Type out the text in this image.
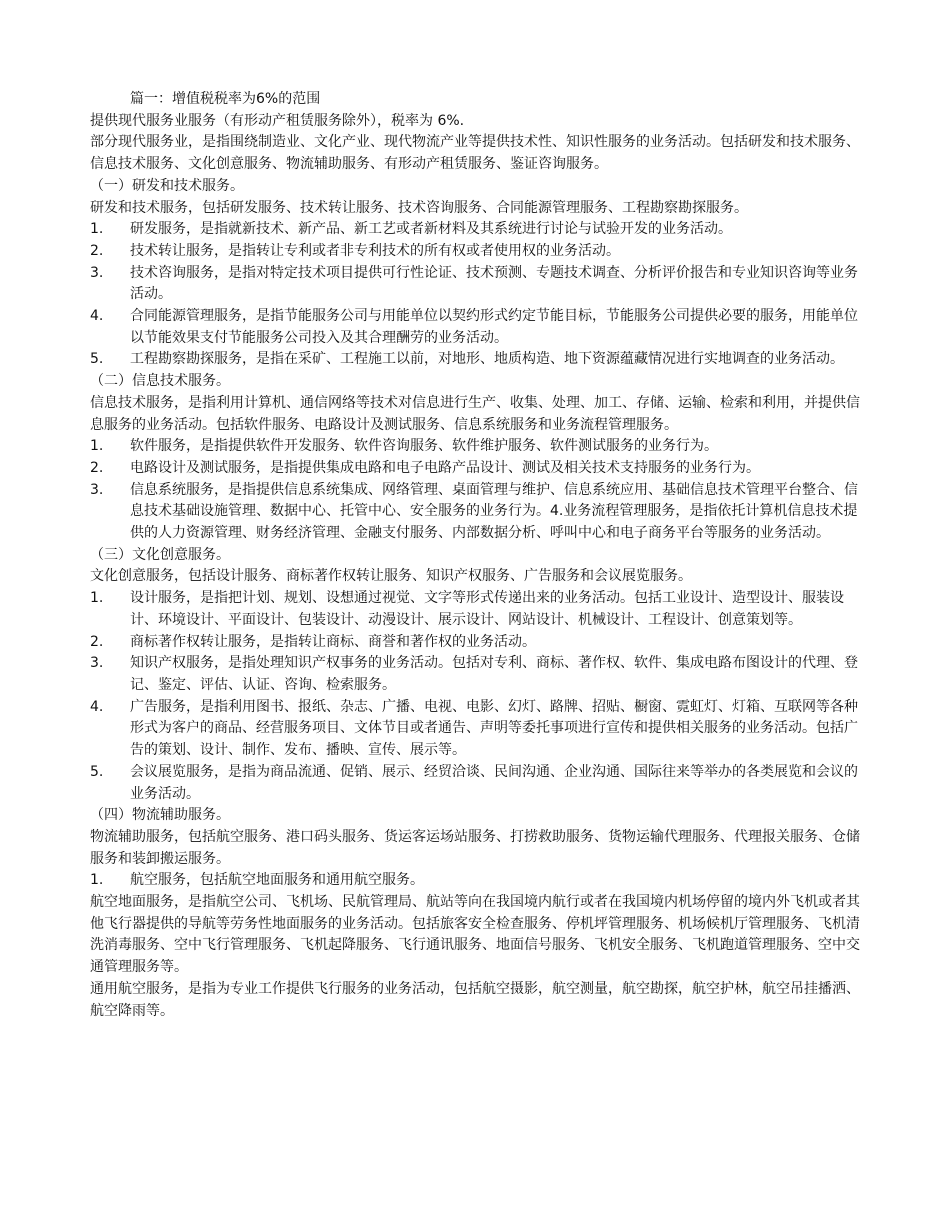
篇一：增值税税率为6%的范围

提供现代服务业服务（有形动产租赁服务除外），税率为 6%.

部分现代服务业，是指围绕制造业、文化产业、现代物流产业等提供技术性、知识性服务的业务活动。包括研发和技术服务、信息技术服务、文化创意服务、物流辅助服务、有形动产租赁服务、鉴证咨询服务。

（一）研发和技术服务。

研发和技术服务，包括研发服务、技术转让服务、技术咨询服务、合同能源管理服务、工程勘察勘探服务。

1.	研发服务，是指就新技术、新产品、新工艺或者新材料及其系统进行讨论与试验开发的业务活动。
2.	技术转让服务，是指转让专利或者非专利技术的所有权或者使用权的业务活动。
3.	技术咨询服务，是指对特定技术项目提供可行性论证、技术预测、专题技术调查、分析评价报告和专业知识咨询等业务活动。
4.	合同能源管理服务，是指节能服务公司与用能单位以契约形式约定节能目标，节能服务公司提供必要的服务，用能单位以节能效果支付节能服务公司投入及其合理酬劳的业务活动。
5.	工程勘察勘探服务，是指在采矿、工程施工以前，对地形、地质构造、地下资源蕴藏情况进行实地调查的业务活动。

（二）信息技术服务。

信息技术服务，是指利用计算机、通信网络等技术对信息进行生产、收集、处理、加工、存储、运输、检索和利用，并提供信息服务的业务活动。包括软件服务、电路设计及测试服务、信息系统服务和业务流程管理服务。

1.	软件服务，是指提供软件开发服务、软件咨询服务、软件维护服务、软件测试服务的业务行为。
2.	电路设计及测试服务，是指提供集成电路和电子电路产品设计、测试及相关技术支持服务的业务行为。
3.	信息系统服务，是指提供信息系统集成、网络管理、桌面管理与维护、信息系统应用、基础信息技术管理平台整合、信息技术基础设施管理、数据中心、托管中心、安全服务的业务行为。4.业务流程管理服务，是指依托计算机信息技术提供的人力资源管理、财务经济管理、金融支付服务、内部数据分析、呼叫中心和电子商务平台等服务的业务活动。

（三）文化创意服务。

文化创意服务，包括设计服务、商标著作权转让服务、知识产权服务、广告服务和会议展览服务。

1.	设计服务，是指把计划、规划、设想通过视觉、文字等形式传递出来的业务活动。包括工业设计、造型设计、服装设计、环境设计、平面设计、包装设计、动漫设计、展示设计、网站设计、机械设计、工程设计、创意策划等。
2.	商标著作权转让服务，是指转让商标、商誉和著作权的业务活动。
3.	知识产权服务，是指处理知识产权事务的业务活动。包括对专利、商标、著作权、软件、集成电路布图设计的代理、登记、鉴定、评估、认证、咨询、检索服务。
4.	广告服务，是指利用图书、报纸、杂志、广播、电视、电影、幻灯、路牌、招贴、橱窗、霓虹灯、灯箱、互联网等各种形式为客户的商品、经营服务项目、文体节目或者通告、声明等委托事项进行宣传和提供相关服务的业务活动。包括广告的策划、设计、制作、发布、播映、宣传、展示等。
5.	会议展览服务，是指为商品流通、促销、展示、经贸洽谈、民间沟通、企业沟通、国际往来等举办的各类展览和会议的业务活动。

（四）物流辅助服务。

物流辅助服务，包括航空服务、港口码头服务、货运客运场站服务、打捞救助服务、货物运输代理服务、代理报关服务、仓储服务和装卸搬运服务。

1.	航空服务，包括航空地面服务和通用航空服务。

航空地面服务，是指航空公司、飞机场、民航管理局、航站等向在我国境内航行或者在我国境内机场停留的境内外飞机或者其他飞行器提供的导航等劳务性地面服务的业务活动。包括旅客安全检查服务、停机坪管理服务、机场候机厅管理服务、飞机清洗消毒服务、空中飞行管理服务、飞机起降服务、飞行通讯服务、地面信号服务、飞机安全服务、飞机跑道管理服务、空中交通管理服务等。

通用航空服务，是指为专业工作提供飞行服务的业务活动，包括航空摄影，航空测量，航空勘探，航空护林，航空吊挂播洒、航空降雨等。
